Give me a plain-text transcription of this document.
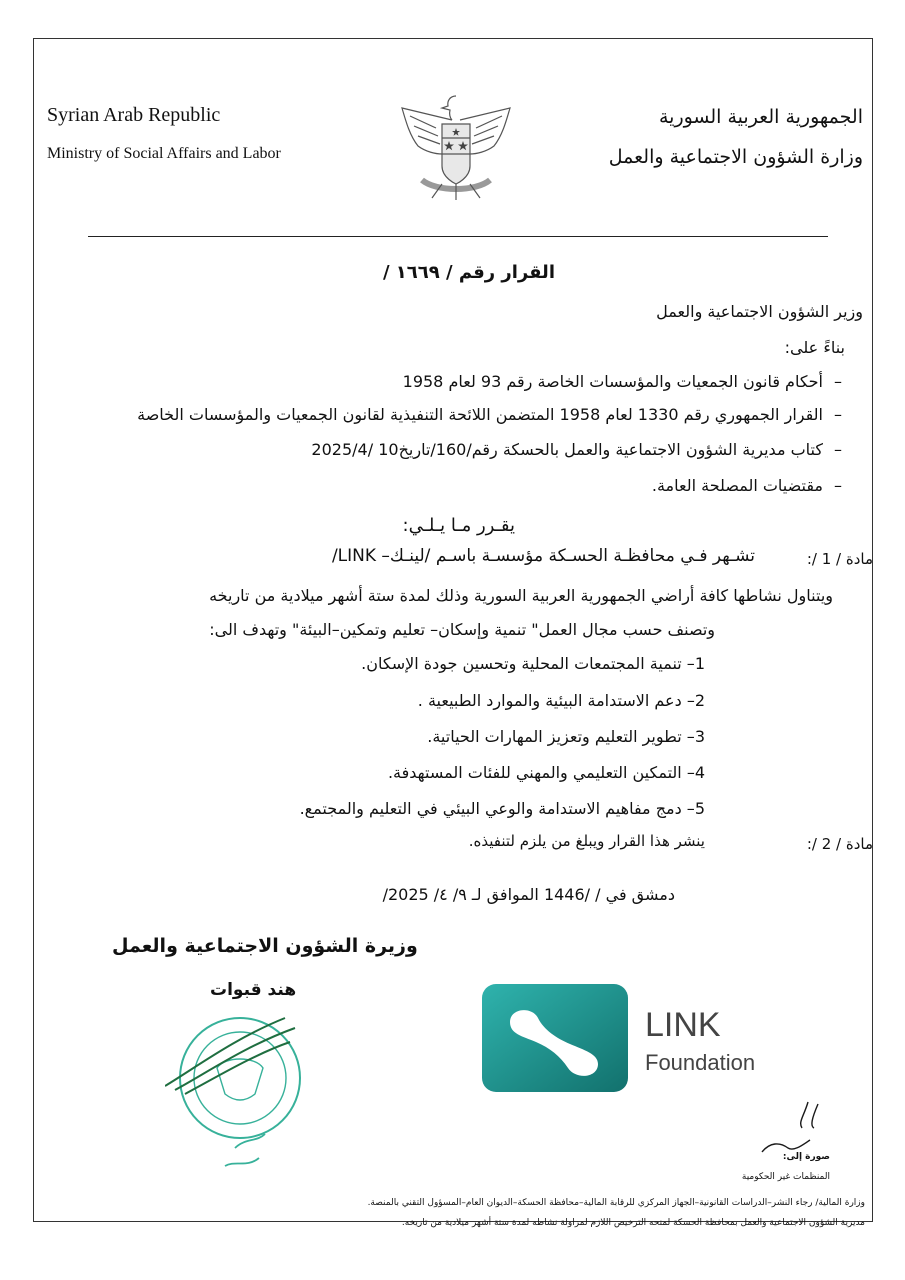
Syrian Arab Republic
Ministry of Social Affairs and Labor
الجمهورية العربية السورية
وزارة الشؤون الاجتماعية والعمل
القرار رقم / ١٦٦٩ /
وزير الشؤون الاجتماعية والعمل
بناءً على:
–أحكام قانون الجمعيات والمؤسسات الخاصة رقم 93 لعام 1958
–القرار الجمهوري رقم 1330 لعام 1958 المتضمن اللائحة التنفيذية لقانون الجمعيات والمؤسسات الخاصة
–كتاب مديرية الشؤون الاجتماعية والعمل بالحسكة رقم/160/تاريخ10 /2025/4
–مقتضيات المصلحة العامة.
يقـرر مـا يـلـي:
مادة / 1 /:
تشـهر فـي محافظـة الحسـكة مؤسسـة باسـم /لينـك– LINK/
ويتناول نشاطها كافة أراضي الجمهورية العربية السورية وذلك لمدة ستة أشهر ميلادية من تاريخه
وتصنف حسب مجال العمل" تنمية وإسكان– تعليم وتمكين–البيئة" وتهدف الى:
1– تنمية المجتمعات المحلية وتحسين جودة الإسكان.
2– دعم الاستدامة البيئية والموارد الطبيعية .
3– تطوير التعليم وتعزيز المهارات الحياتية.
4– التمكين التعليمي والمهني للفئات المستهدفة.
5– دمج مفاهيم الاستدامة والوعي البيئي في التعليم والمجتمع.
مادة / 2 /:
ينشر هذا القرار ويبلغ من يلزم لتنفيذه.
دمشق في / /1446 الموافق لـ ٩/ ٤/ 2025/
وزيرة الشؤون الاجتماعية والعمل
هند قبوات
LINK
Foundation
صورة إلى:
المنظمات غير الحكومية
وزارة المالية/ رجاء النشر–الدراسات القانونية–الجهاز المركزي للرقابة المالية–محافظة الحسكة–الديوان العام–المسؤول التقني بالمنصة.
مديرية الشؤون الاجتماعية والعمل بمحافظة الحسكة لمنحه الترخيص اللازم لمزاولة نشاطه لمدة ستة أشهر ميلادية من تاريخه.
